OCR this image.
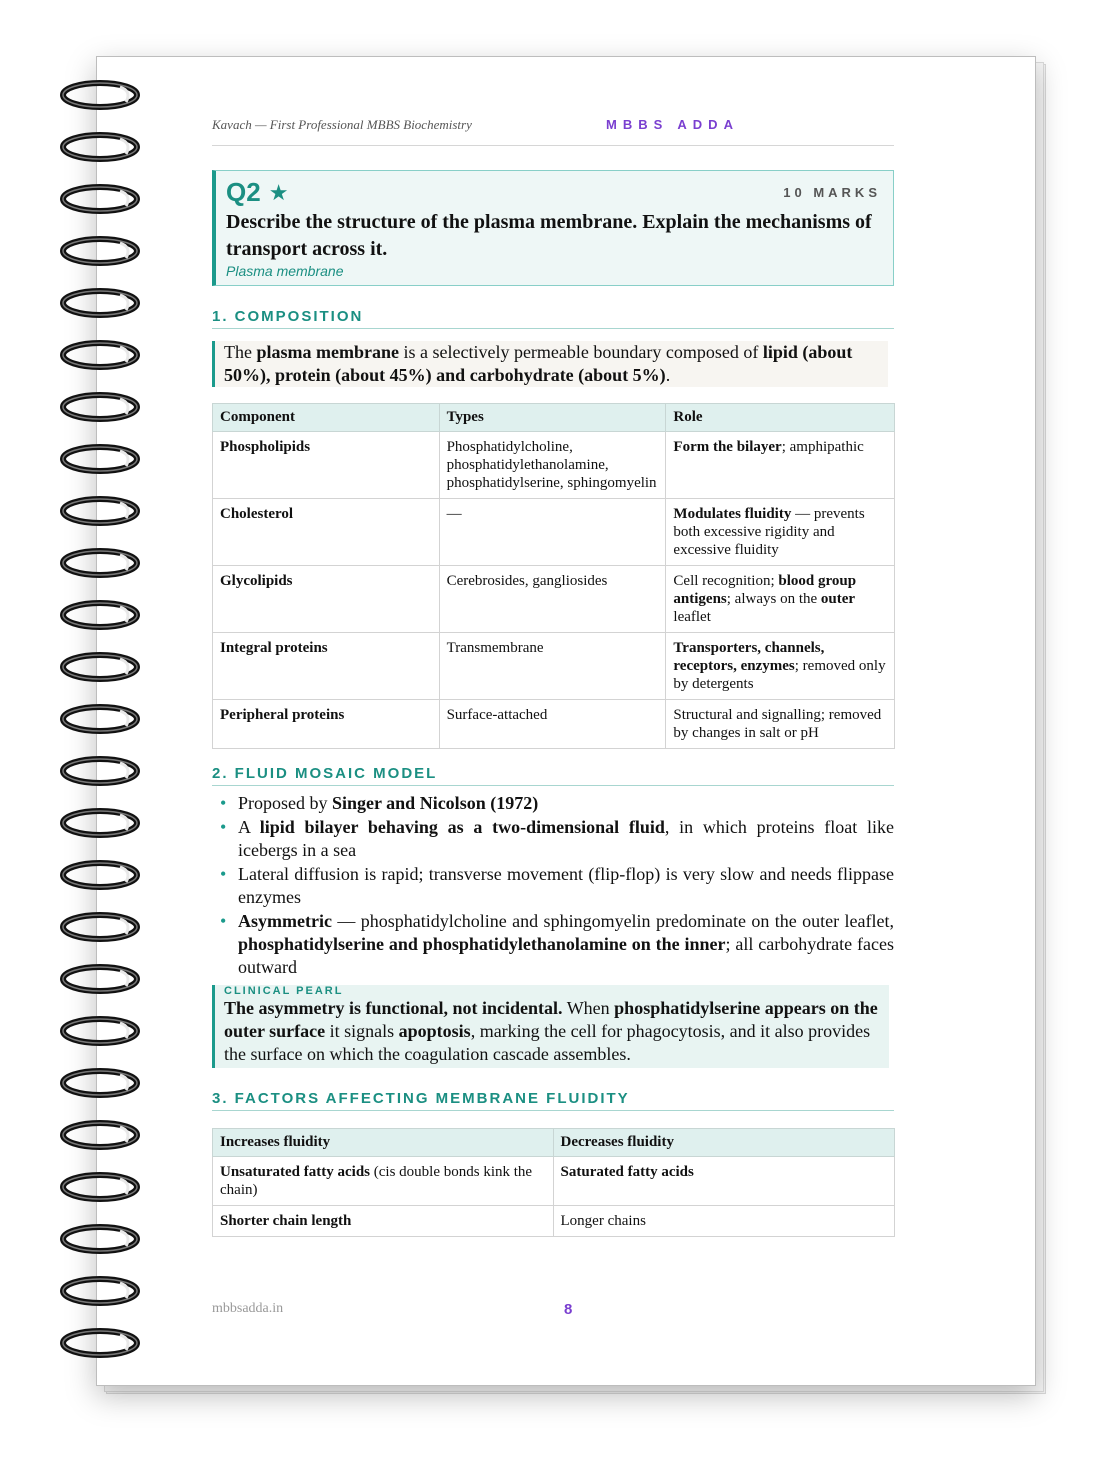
Kavach — First Professional MBBS Biochemistry	MBBS ADDA
Q2 ★	10 MARKS
Describe the structure of the plasma membrane. Explain the mechanisms of transport across it.
Plasma membrane
1. COMPOSITION
The plasma membrane is a selectively permeable boundary composed of lipid (about 50%), protein (about 45%) and carbohydrate (about 5%).
Component	Types	Role
Phospholipids	Phosphatidylcholine, phosphatidylethanolamine, phosphatidylserine, sphingomyelin	Form the bilayer; amphipathic
Cholesterol	—	Modulates fluidity — prevents both excessive rigidity and excessive fluidity
Glycolipids	Cerebrosides, gangliosides	Cell recognition; blood group antigens; always on the outer leaflet
Integral proteins	Transmembrane	Transporters, channels, receptors, enzymes; removed only by detergents
Peripheral proteins	Surface-attached	Structural and signalling; removed by changes in salt or pH
2. FLUID MOSAIC MODEL
• Proposed by Singer and Nicolson (1972)
• A lipid bilayer behaving as a two-dimensional fluid, in which proteins float like icebergs in a sea
• Lateral diffusion is rapid; transverse movement (flip-flop) is very slow and needs flippase enzymes
• Asymmetric — phosphatidylcholine and sphingomyelin predominate on the outer leaflet, phosphatidylserine and phosphatidylethanolamine on the inner; all carbohydrate faces outward
CLINICAL PEARL
The asymmetry is functional, not incidental. When phosphatidylserine appears on the outer surface it signals apoptosis, marking the cell for phagocytosis, and it also provides the surface on which the coagulation cascade assembles.
3. FACTORS AFFECTING MEMBRANE FLUIDITY
Increases fluidity	Decreases fluidity
Unsaturated fatty acids (cis double bonds kink the chain)	Saturated fatty acids
Shorter chain length	Longer chains
mbbsadda.in	8
